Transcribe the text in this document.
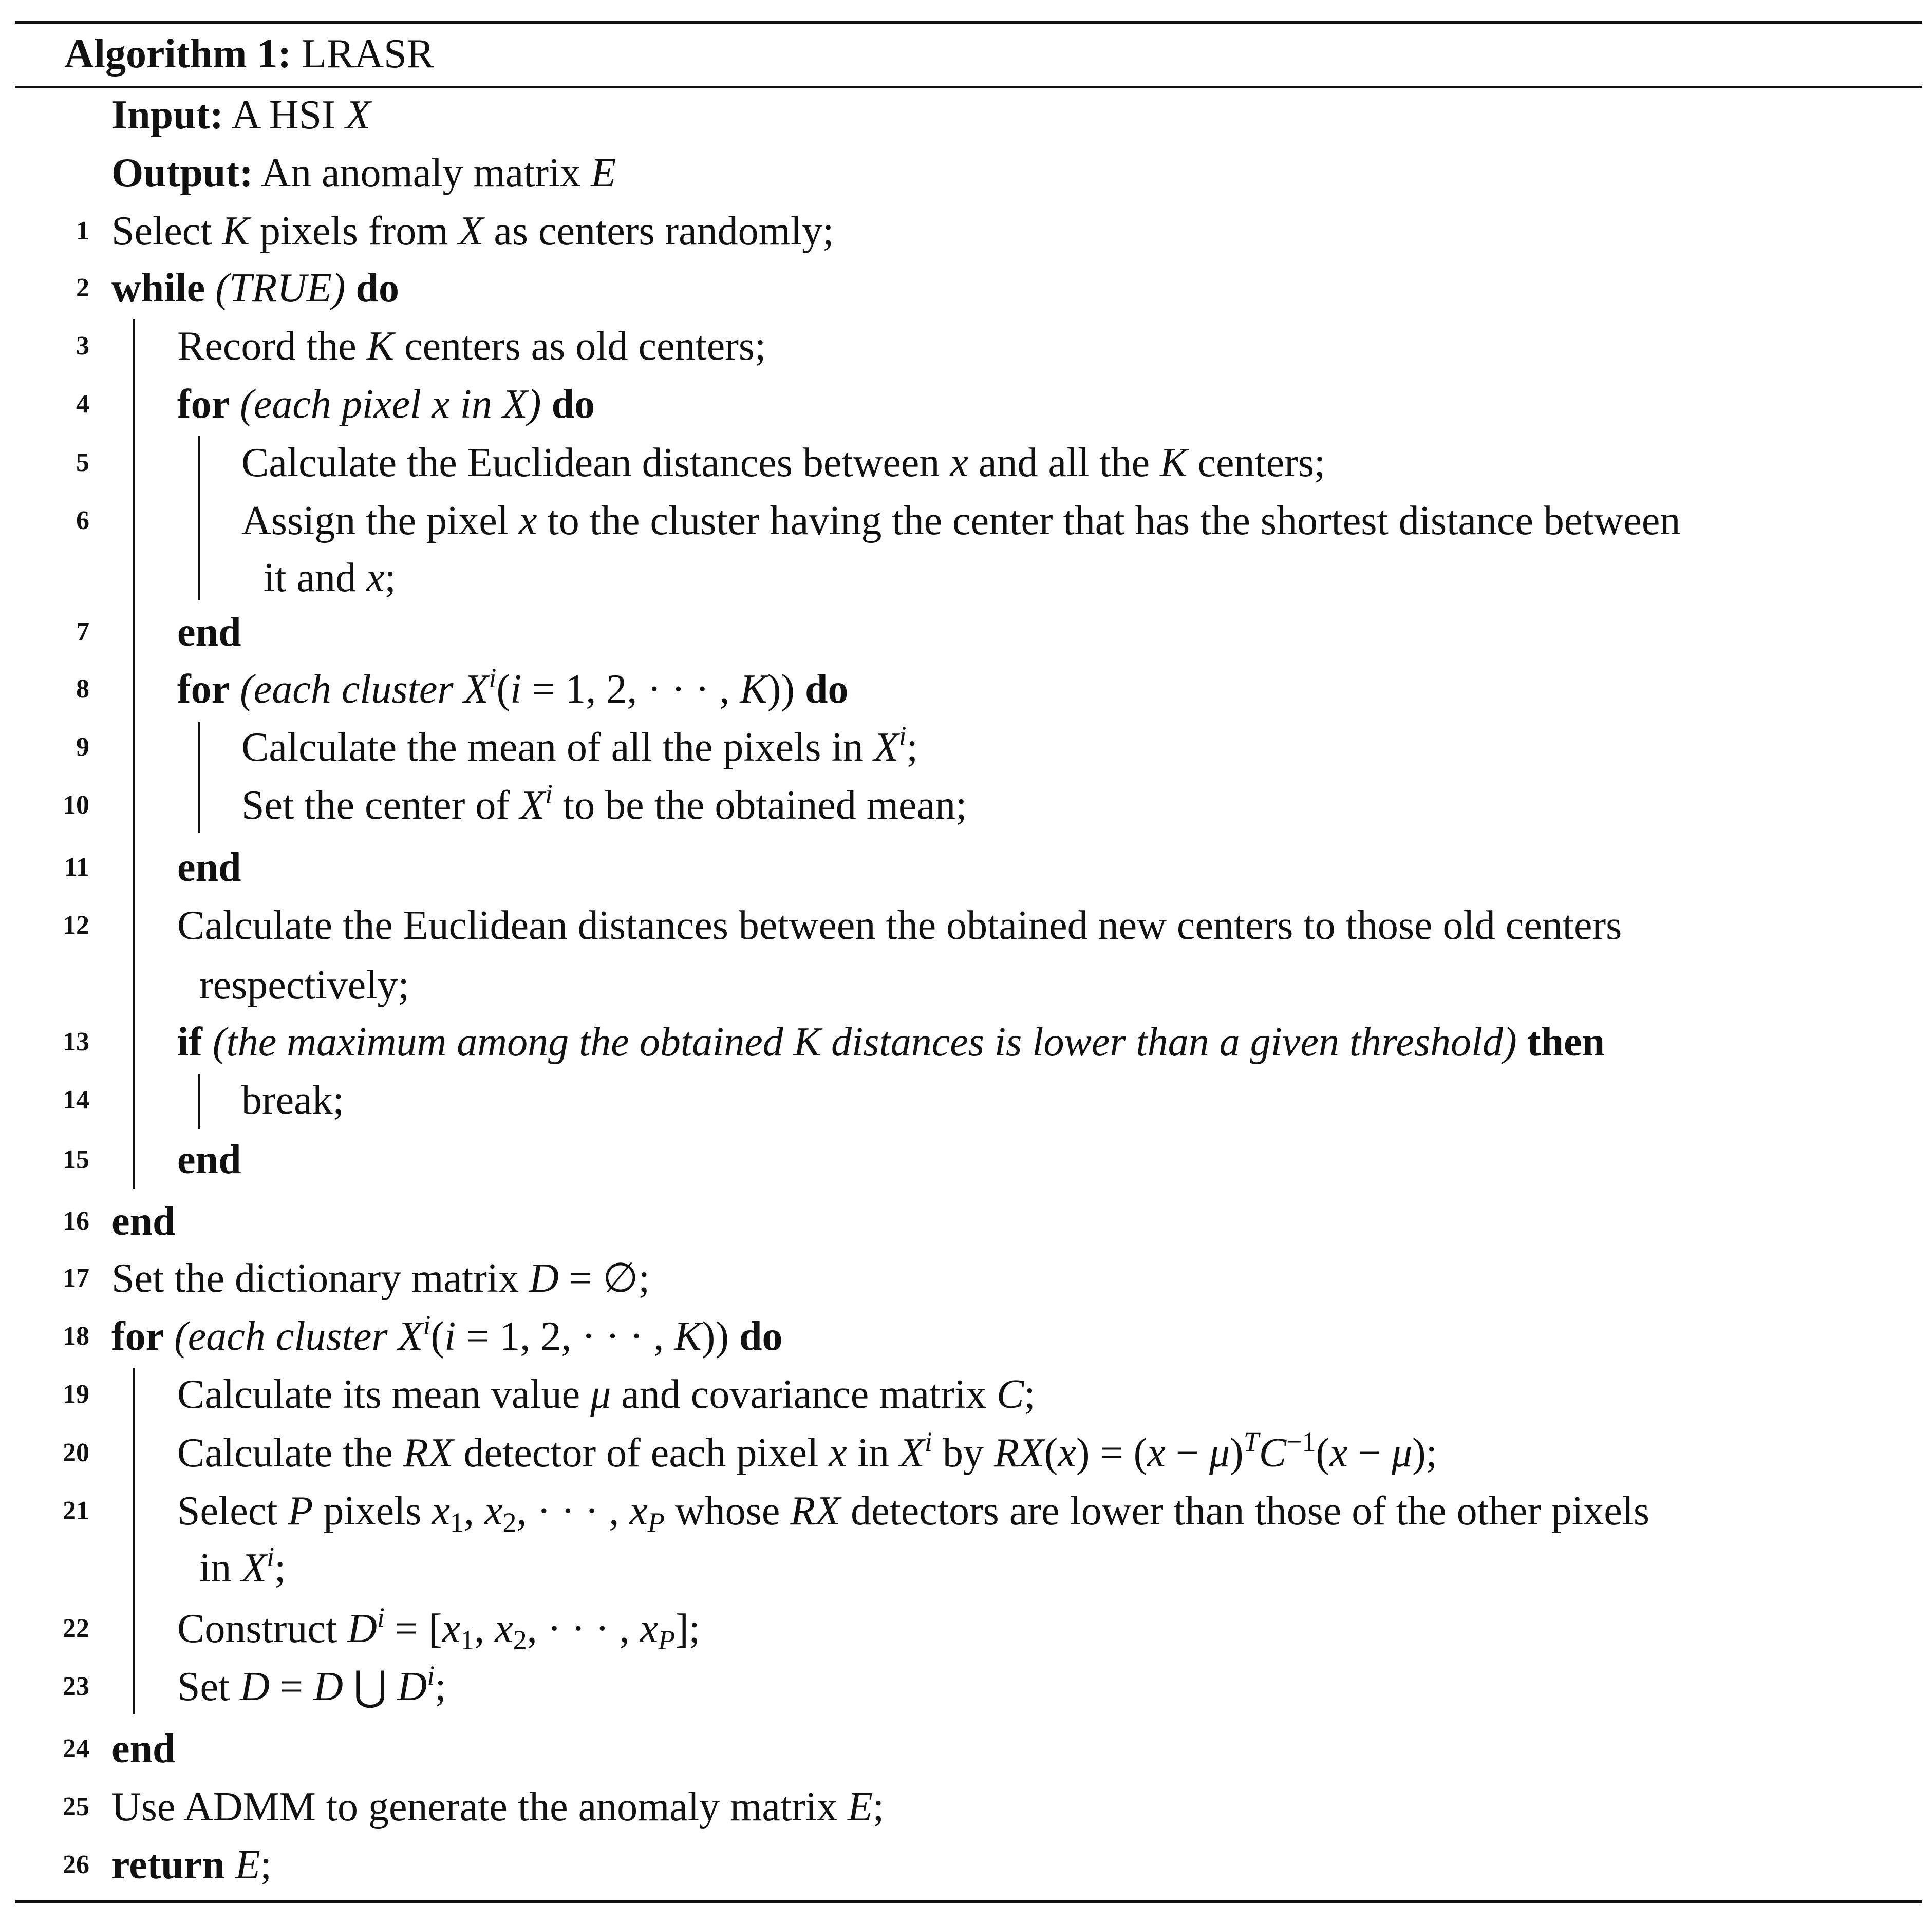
Algorithm 1: LRASR
Input: A HSI X
Output: An anomaly matrix E
1 Select K pixels from X as centers randomly;
2 while (TRUE) do
3 Record the K centers as old centers;
4 for (each pixel x in X) do
5	Calculate the Euclidean distances between x and all the K centers;
6	Assign the pixel x to the cluster having the center that has the shortest distance between
it and x;
7 end
8 for (each cluster $X^i(i = 1$, 2, · · · , K)) do
9	Calculate the mean of all the pixels in $X^i$;
10	Set the center of $X^i$ to be the obtained mean;
11 end
12 Calculate the Euclidean distances between the obtained new centers to those old centers
respectively;
13 if (the maximum among the obtained K distances is lower than a given threshold) then
14	break;
15 end
16 end
17 Set the dictionary matrix D = ∅;
18 for (each cluster $X^i(i = 1$, 2, · · · , K)) do
19 Calculate its mean value μ and covariance matrix C;
20 Calculate the RX detector of each pixel x in $X^i$ by $RX(x) = (x - \mu)^TC^{-1}(x - \mu)$;
21 Select P pixels $x_1$, $x_2$, · · · , $x_P$ whose RX detectors are lower than those of the other pixels
in $X^i$;
22 Construct $D^i = [x_1$, $x_2$, · · · , $x_P$];
23 Set D = D ⋃ $D^i$;
24 end
25 Use ADMM to generate the anomaly matrix E;
26 return E;
